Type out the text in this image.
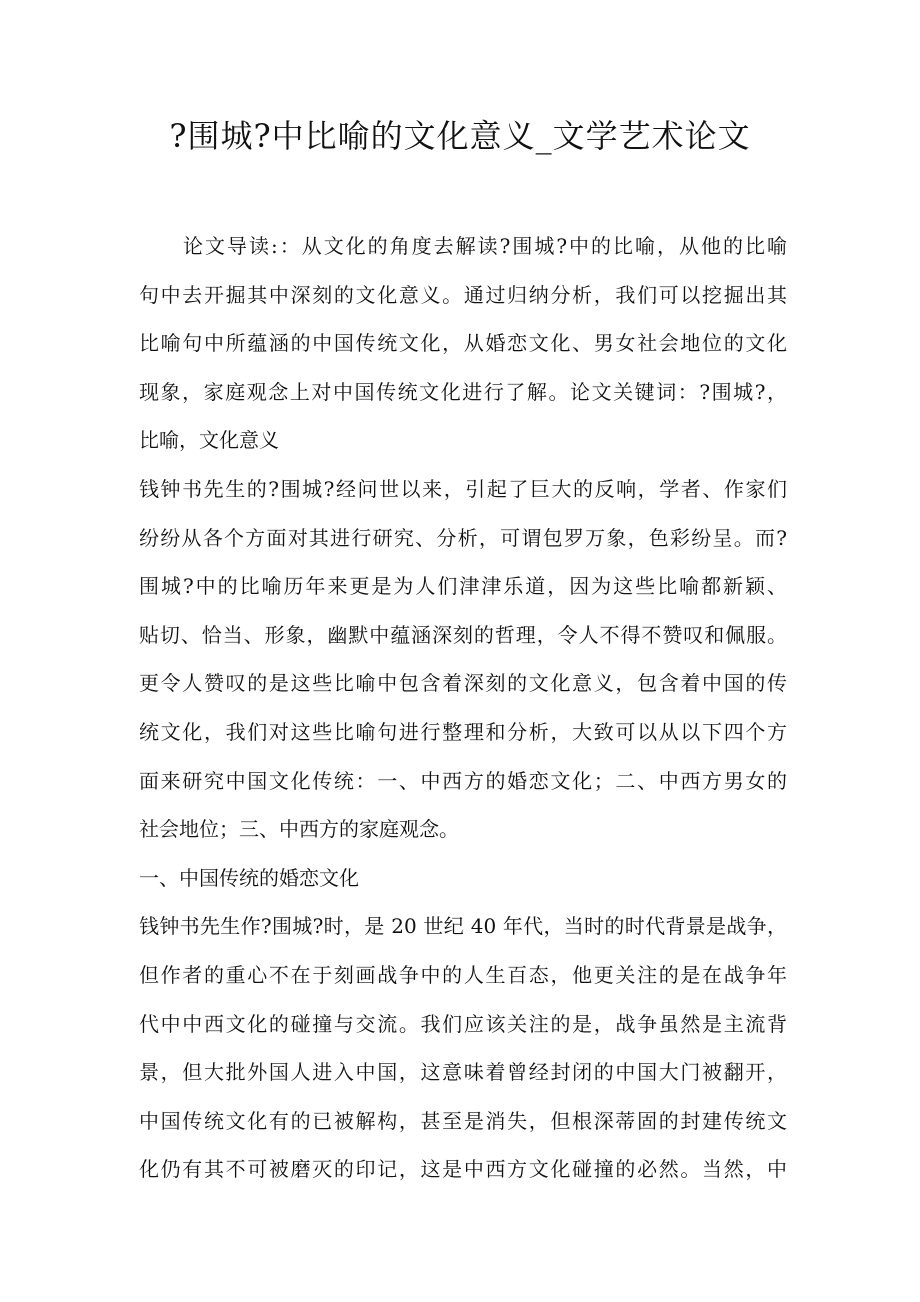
?围城?中比喻的文化意义_文学艺术论文
论文导读:：从文化的角度去解读?围城?中的比喻，从他的比喻
句中去开掘其中深刻的文化意义。通过归纳分析，我们可以挖掘出其
比喻句中所蕴涵的中国传统文化，从婚恋文化、男女社会地位的文化
现象，家庭观念上对中国传统文化进行了解。论文关键词：?围城?，
比喻，文化意义
钱钟书先生的?围城?经问世以来，引起了巨大的反响，学者、作家们
纷纷从各个方面对其进行研究、分析，可谓包罗万象，色彩纷呈。而?
围城?中的比喻历年来更是为人们津津乐道，因为这些比喻都新颖、
贴切、恰当、形象，幽默中蕴涵深刻的哲理，令人不得不赞叹和佩服。
更令人赞叹的是这些比喻中包含着深刻的文化意义，包含着中国的传
统文化，我们对这些比喻句进行整理和分析，大致可以从以下四个方
面来研究中国文化传统：一、中西方的婚恋文化；二、中西方男女的
社会地位；三、中西方的家庭观念。
一、中国传统的婚恋文化
钱钟书先生作?围城?时，是 20 世纪 40 年代，当时的时代背景是战争，
但作者的重心不在于刻画战争中的人生百态，他更关注的是在战争年
代中中西文化的碰撞与交流。我们应该关注的是，战争虽然是主流背
景，但大批外国人进入中国，这意味着曾经封闭的中国大门被翻开，
中国传统文化有的已被解构，甚至是消失，但根深蒂固的封建传统文
化仍有其不可被磨灭的印记，这是中西方文化碰撞的必然。当然，中
